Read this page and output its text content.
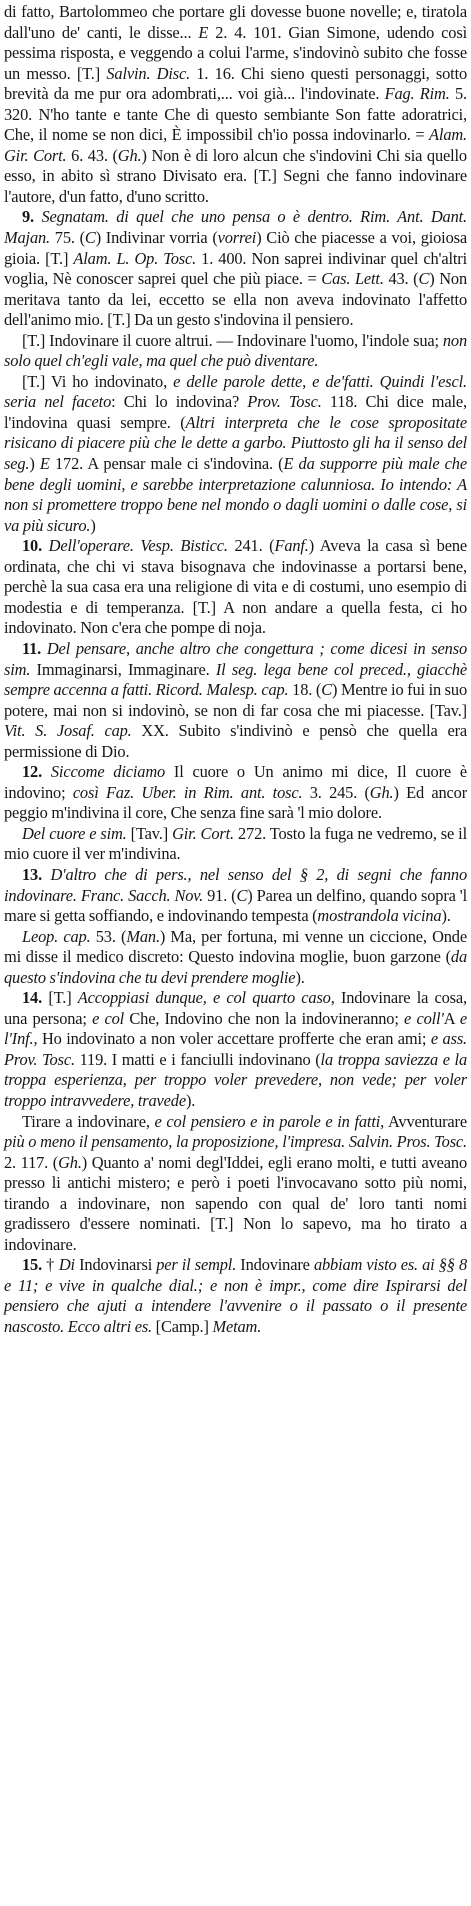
di fatto, Bartolommeo che portare gli dovesse buone novelle; e, tiratola dall'uno de' canti, le disse... E 2. 4. 101. Gian Simone, udendo così pessima risposta, e veggendo a colui l'arme, s'indovinò subito che fosse un messo. [T.] Salvin. Disc. 1. 16. Chi sieno questi personaggi, sotto brevità da me pur ora adombrati,... voi già... l'indovinate. Fag. Rim. 5. 320. N'ho tante e tante Che di questo sembiante Son fatte adoratrici, Che, il nome se non dici, È impossibil ch'io possa indovinarlo. = Alam. Gir. Cort. 6. 43. (Gh.) Non è di loro alcun che s'indovini Chi sia quello esso, in abito sì strano Divisato era. [T.] Segni che fanno indovinare l'autore, d'un fatto, d'uno scritto.

9. Segnatam. di quel che uno pensa o è dentro. Rim. Ant. Dant. Majan. 75. (C) Indivinar vorria (vorrei) Ciò che piacesse a voi, gioiosa gioia. [T.] Alam. L. Op. Tosc. 1. 400. Non saprei indivinar quel ch'altri voglia, Nè conoscer saprei quel che più piace. = Cas. Lett. 43. (C) Non meritava tanto da lei, eccetto se ella non aveva indovinato l'affetto dell'animo mio. [T.] Da un gesto s'indovina il pensiero.

[T.] Indovinare il cuore altrui. — Indovinare l'uomo, l'indole sua; non solo quel ch'egli vale, ma quel che può diventare.

[T.] Vi ho indovinato, e delle parole dette, e de'fatti. Quindi l'escl. seria nel faceto: Chi lo indovina? Prov. Tosc. 118. Chi dice male, l'indovina quasi sempre. (Altri interpreta che le cose spropositate risicano di piacere più che le dette a garbo. Piuttosto gli ha il senso del seg.) E 172. A pensar male ci s'indovina. (E da supporre più male che bene degli uomini, e sarebbe interpretazione calunniosa. Io intendo: A non si promettere troppo bene nel mondo o dagli uomini o dalle cose, si va più sicuro.)

10. Dell'operare. Vesp. Bisticc. 241. (Fanf.) Aveva la casa sì bene ordinata, che chi vi stava bisognava che indovinasse a portarsi bene, perchè la sua casa era una religione di vita e di costumi, uno esempio di modestia e di temperanza. [T.] A non andare a quella festa, ci ho indovinato. Non c'era che pompe di noja.

11. Del pensare, anche altro che congettura ; come dicesi in senso sim. Immaginarsi, Immaginare. Il seg. lega bene col preced., giacchè sempre accenna a fatti. Ricord. Malesp. cap. 18. (C) Mentre io fui in suo potere, mai non si indovinò, se non di far cosa che mi piacesse. [Tav.] Vit. S. Josaf. cap. XX. Subito s'indivinò e pensò che quella era permissione di Dio.

12. Siccome diciamo Il cuore o Un animo mi dice, Il cuore è indovino; così Faz. Uber. in Rim. ant. tosc. 3. 245. (Gh.) Ed ancor peggio m'indivina il core, Che senza fine sarà 'l mio dolore.

Del cuore e sim. [Tav.] Gir. Cort. 272. Tosto la fuga ne vedremo, se il mio cuore il ver m'indivina.

13. D'altro che di pers., nel senso del § 2, di segni che fanno indovinare. Franc. Sacch. Nov. 91. (C) Parea un delfino, quando sopra 'l mare si getta soffiando, e indovinando tempesta (mostrandola vicina).

Leop. cap. 53. (Man.) Ma, per fortuna, mi venne un ciccione, Onde mi disse il medico discreto: Questo indovina moglie, buon garzone (da questo s'indovina che tu devi prendere moglie).

14. [T.] Accoppiasi dunque, e col quarto caso, Indovinare la cosa, una persona; e col Che, Indovino che non la indovineranno; e coll'A e l'Inf., Ho indovinato a non voler accettare profferte che eran ami; e ass. Prov. Tosc. 119. I matti e i fanciulli indovinano (la troppa saviezza e la troppa esperienza, per troppo voler prevedere, non vede; per voler troppo intravvedere, travede).

Tirare a indovinare, e col pensiero e in parole e in fatti, Avventurare più o meno il pensamento, la proposizione, l'impresa. Salvin. Pros. Tosc. 2. 117. (Gh.) Quanto a' nomi degl'Iddei, egli erano molti, e tutti aveano presso li antichi mistero; e però i poeti l'invocavano sotto più nomi, tirando a indovinare, non sapendo con qual de' loro tanti nomi gradissero d'essere nominati. [T.] Non lo sapevo, ma ho tirato a indovinare.

15. † Di Indovinarsi per il sempl. Indovinare abbiam visto es. ai §§ 8 e 11; e vive in qualche dial.; e non è impr., come dire Ispirarsi del pensiero che ajuti a intendere l'avvenire o il passato o il presente nascosto. Ecco altri es. [Camp.] Metam.
